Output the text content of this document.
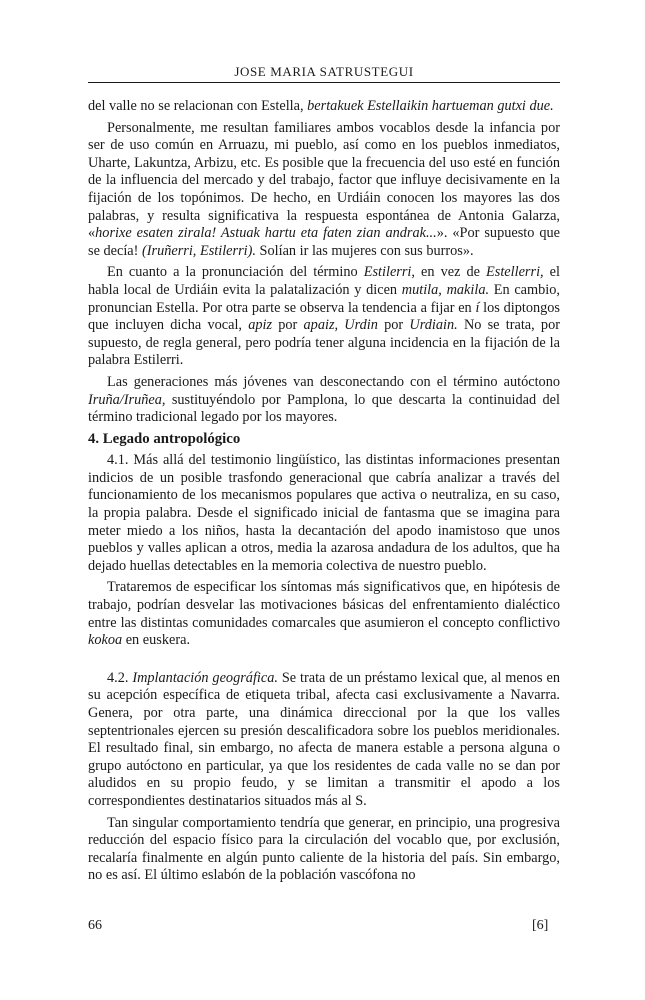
JOSE MARIA SATRUSTEGUI

del valle no se relacionan con Estella, bertakuek Estellaikin hartueman gutxi due.

Personalmente, me resultan familiares ambos vocablos desde la infancia por ser de uso común en Arruazu, mi pueblo, así como en los pueblos inmediatos, Uharte, Lakuntza, Arbizu, etc. Es posible que la frecuencia del uso esté en función de la influencia del mercado y del trabajo, factor que influye decisivamente en la fijación de los topónimos. De hecho, en Urdiáin conocen los mayores las dos palabras, y resulta significativa la respuesta espontánea de Antonia Galarza, «horixe esaten zirala! Astuak hartu eta faten zian andrak...». «Por supuesto que se decía! (Iruñerri, Estilerri). Solían ir las mujeres con sus burros».

En cuanto a la pronunciación del término Estilerri, en vez de Estellerri, el habla local de Urdiáin evita la palatalización y dicen mutila, makila. En cambio, pronuncian Estella. Por otra parte se observa la tendencia a fijar en í los diptongos que incluyen dicha vocal, apiz por apaiz, Urdin por Urdiain. No se trata, por supuesto, de regla general, pero podría tener alguna incidencia en la fijación de la palabra Estilerri.

Las generaciones más jóvenes van desconectando con el término autóctono Iruña/Iruñea, sustituyéndolo por Pamplona, lo que descarta la continuidad del término tradicional legado por los mayores.

4. Legado antropológico

4.1. Más allá del testimonio lingüístico, las distintas informaciones presentan indicios de un posible trasfondo generacional que cabría analizar a través del funcionamiento de los mecanismos populares que activa o neutraliza, en su caso, la propia palabra. Desde el significado inicial de fantasma que se imagina para meter miedo a los niños, hasta la decantación del apodo inamistoso que unos pueblos y valles aplican a otros, media la azarosa andadura de los adultos, que ha dejado huellas detectables en la memoria colectiva de nuestro pueblo.

Trataremos de especificar los síntomas más significativos que, en hipótesis de trabajo, podrían desvelar las motivaciones básicas del enfrentamiento dialéctico entre las distintas comunidades comarcales que asumieron el concepto conflictivo kokoa en euskera.

4.2. Implantación geográfica. Se trata de un préstamo lexical que, al menos en su acepción específica de etiqueta tribal, afecta casi exclusivamente a Navarra. Genera, por otra parte, una dinámica direccional por la que los valles septentrionales ejercen su presión descalificadora sobre los pueblos meridionales. El resultado final, sin embargo, no afecta de manera estable a persona alguna o grupo autóctono en particular, ya que los residentes de cada valle no se dan por aludidos en su propio feudo, y se limitan a transmitir el apodo a los correspondientes destinatarios situados más al S.

Tan singular comportamiento tendría que generar, en principio, una progresiva reducción del espacio físico para la circulación del vocablo que, por exclusión, recalaría finalmente en algún punto caliente de la historia del país. Sin embargo, no es así. El último eslabón de la población vascófona no

66	[6]
